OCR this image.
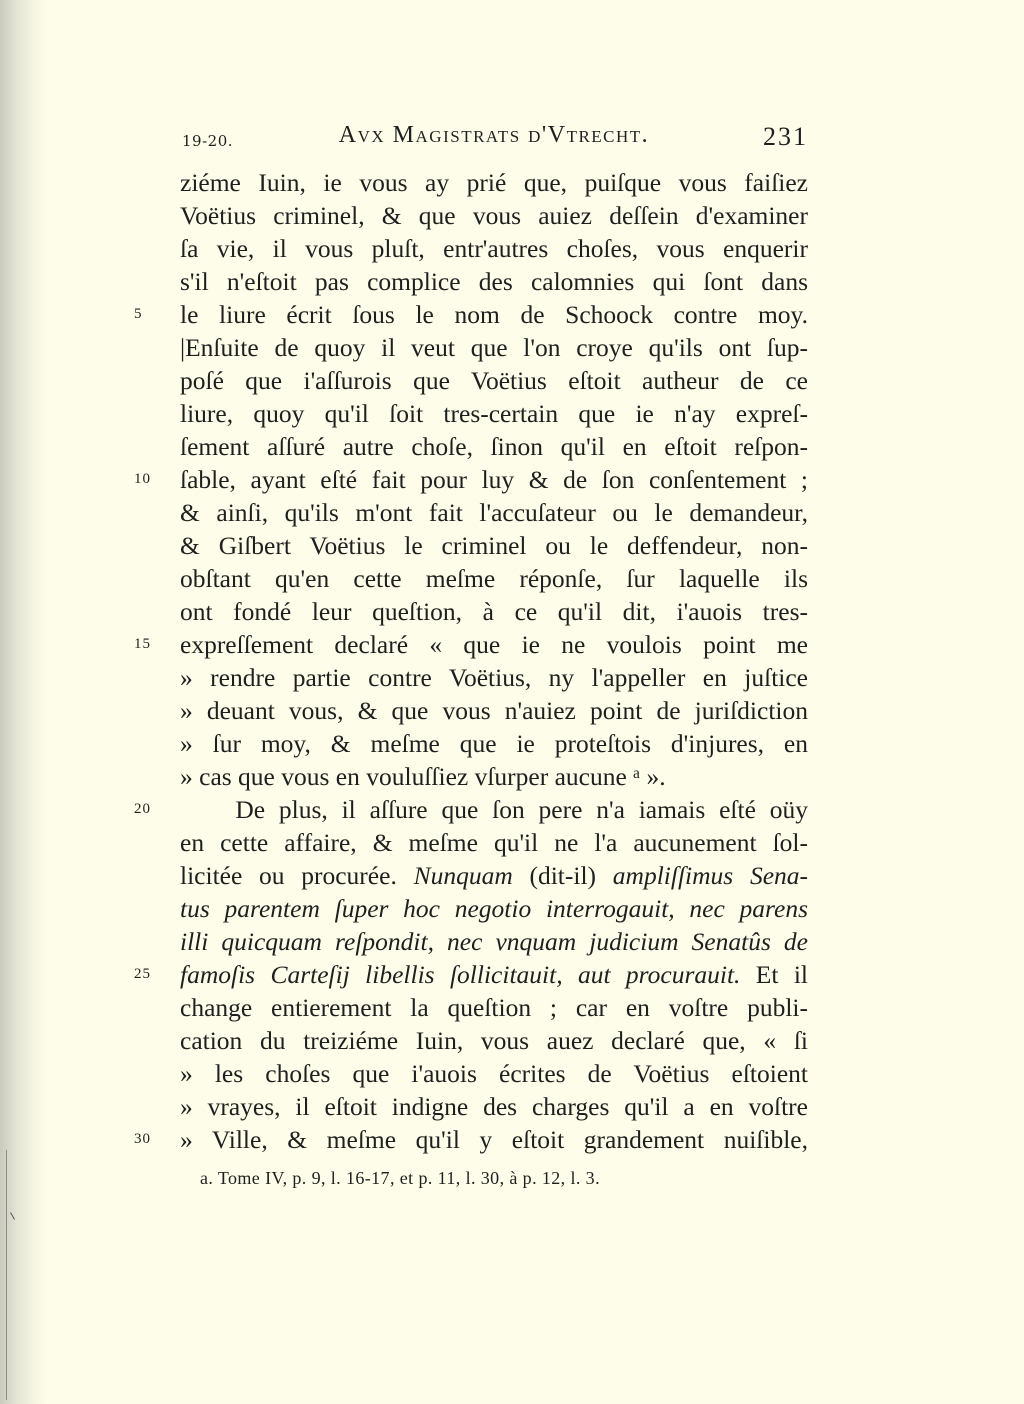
19-20.	Avx Magistrats d'Vtrecht.	231
ziéme Iuin, ie vous ay prié que, puiſque vous faiſiez
Voëtius criminel, & que vous auiez deſſein d'examiner
ſa vie, il vous pluſt, entr'autres choſes, vous enquerir
s'il n'eſtoit pas complice des calomnies qui ſont dans
5	le liure écrit ſous le nom de Schoock contre moy.
|Enſuite de quoy il veut que l'on croye qu'ils ont ſup-
poſé que i'aſſurois que Voëtius eſtoit autheur de ce
liure, quoy qu'il ſoit tres-certain que ie n'ay expreſ-
ſement aſſuré autre choſe, ſinon qu'il en eſtoit reſpon-
10	ſable, ayant eſté fait pour luy & de ſon conſentement ;
& ainſi, qu'ils m'ont fait l'accuſateur ou le demandeur,
& Giſbert Voëtius le criminel ou le deffendeur, non-
obſtant qu'en cette meſme réponſe, ſur laquelle ils
ont fondé leur queſtion, à ce qu'il dit, i'auois tres-
15	expreſſement declaré « que ie ne voulois point me
» rendre partie contre Voëtius, ny l'appeller en juſtice
» deuant vous, & que vous n'auiez point de juriſdiction
» ſur moy, & meſme que ie proteſtois d'injures, en
» cas que vous en vouluſſiez vſurper aucune ᵃ ».
20	De plus, il aſſure que ſon pere n'a iamais eſté oüy
en cette affaire, & meſme qu'il ne l'a aucunement ſol-
licitée ou procurée. Nunquam (dit-il) ampliſſimus Sena-
tus parentem ſuper hoc negotio interrogauit, nec parens
illi quicquam reſpondit, nec vnquam judicium Senatûs de
25	famoſis Carteſij libellis ſollicitauit, aut procurauit. Et il
change entierement la queſtion ; car en voſtre publi-
cation du treiziéme Iuin, vous auez declaré que, « ſi
» les choſes que i'auois écrites de Voëtius eſtoient
» vrayes, il eſtoit indigne des charges qu'il a en voſtre
30	» Ville, & meſme qu'il y eſtoit grandement nuiſible,
a. Tome IV, p. 9, l. 16-17, et p. 11, l. 30, à p. 12, l. 3.
